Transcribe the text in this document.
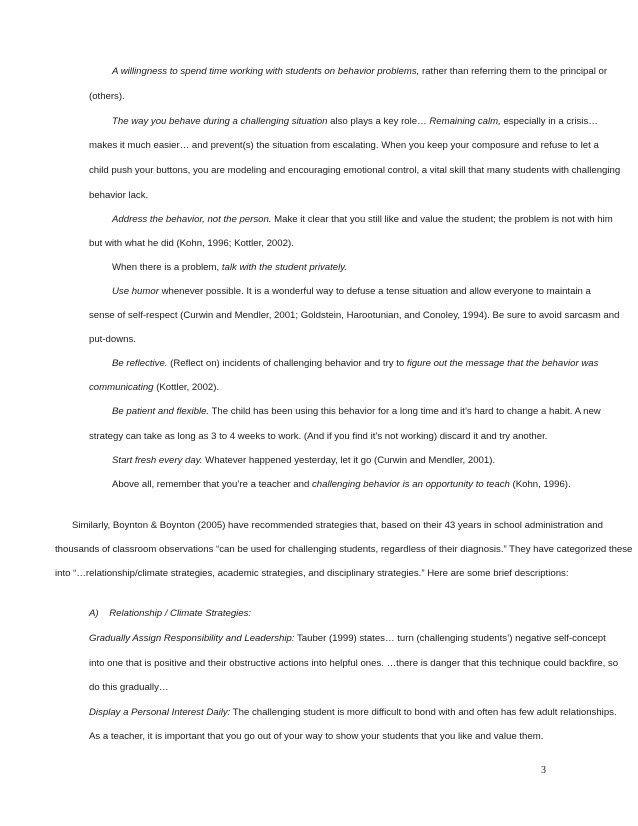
A willingness to spend time working with students on behavior problems, rather than referring them to the principal or

(others).

The way you behave during a challenging situation also plays a key role… Remaining calm, especially in a crisis…

makes it much easier… and prevent(s) the situation from escalating. When you keep your composure and refuse to let a

child push your buttons, you are modeling and encouraging emotional control, a vital skill that many students with challenging

behavior lack.

Address the behavior, not the person. Make it clear that you still like and value the student; the problem is not with him

but with what he did (Kohn, 1996; Kottler, 2002).

When there is a problem, talk with the student privately.

Use humor whenever possible. It is a wonderful way to defuse a tense situation and allow everyone to maintain a

sense of self-respect (Curwin and Mendler, 2001; Goldstein, Harootunian, and Conoley, 1994). Be sure to avoid sarcasm and

put-downs.

Be reflective. (Reflect on) incidents of challenging behavior and try to figure out the message that the behavior was

communicating (Kottler, 2002).

Be patient and flexible. The child has been using this behavior for a long time and it’s hard to change a habit. A new

strategy can take as long as 3 to 4 weeks to work. (And if you find it’s not working) discard it and try another.

Start fresh every day. Whatever happened yesterday, let it go (Curwin and Mendler, 2001).

Above all, remember that you’re a teacher and challenging behavior is an opportunity to teach (Kohn, 1996).

Similarly, Boynton & Boynton (2005) have recommended strategies that, based on their 43 years in school administration and

thousands of classroom observations “can be used for challenging students, regardless of their diagnosis.” They have categorized these

into “…relationship/climate strategies, academic strategies, and disciplinary strategies.” Here are some brief descriptions:

A)    Relationship / Climate Strategies:

Gradually Assign Responsibility and Leadership: Tauber (1999) states… turn (challenging students’) negative self-concept

into one that is positive and their obstructive actions into helpful ones. …there is danger that this technique could backfire, so

do this gradually…

Display a Personal Interest Daily: The challenging student is more difficult to bond with and often has few adult relationships.

As a teacher, it is important that you go out of your way to show your students that you like and value them.

3
